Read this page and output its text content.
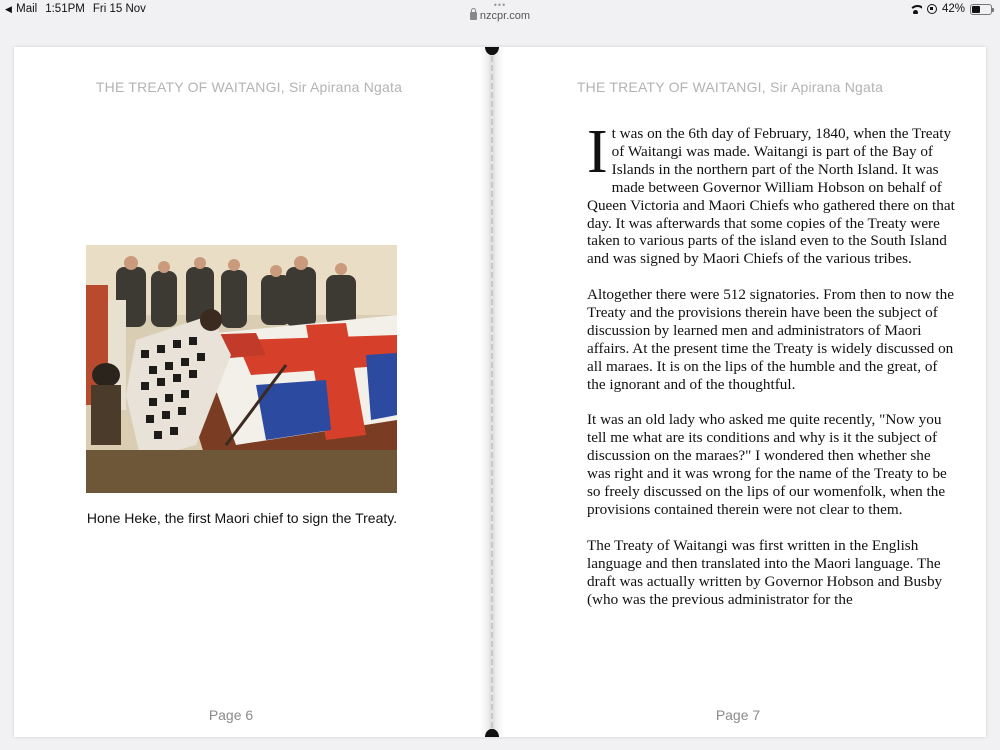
◀ Mail 1:51PM Fri 15 Nov	•••
nzcpr.com
42%
THE TREATY OF WAITANGI, Sir Apirana Ngata
Hone Heke, the first Maori chief to sign the Treaty.
Page 6
THE TREATY OF WAITANGI, Sir Apirana Ngata

It was on the 6th day of February, 1840, when the Treaty of Waitangi was made. Waitangi is part of the Bay of Islands in the northern part of the North Island. It was made between Governor William Hobson on behalf of Queen Victoria and Maori Chiefs who gathered there on that day. It was afterwards that some copies of the Treaty were taken to various parts of the island even to the South Island and was signed by Maori Chiefs of the various tribes.

Altogether there were 512 signatories. From then to now the Treaty and the provisions therein have been the subject of discussion by learned men and administrators of Maori affairs. At the present time the Treaty is widely discussed on all maraes. It is on the lips of the humble and the great, of the ignorant and of the thoughtful.

It was an old lady who asked me quite recently, "Now you tell me what are its conditions and why is it the subject of discussion on the maraes?" I wondered then whether she was right and it was wrong for the name of the Treaty to be so freely discussed on the lips of our womenfolk, when the provisions contained therein were not clear to them.

The Treaty of Waitangi was first written in the English language and then translated into the Maori language. The draft was actually written by Governor Hobson and Busby (who was the previous administrator for the

Page 7
